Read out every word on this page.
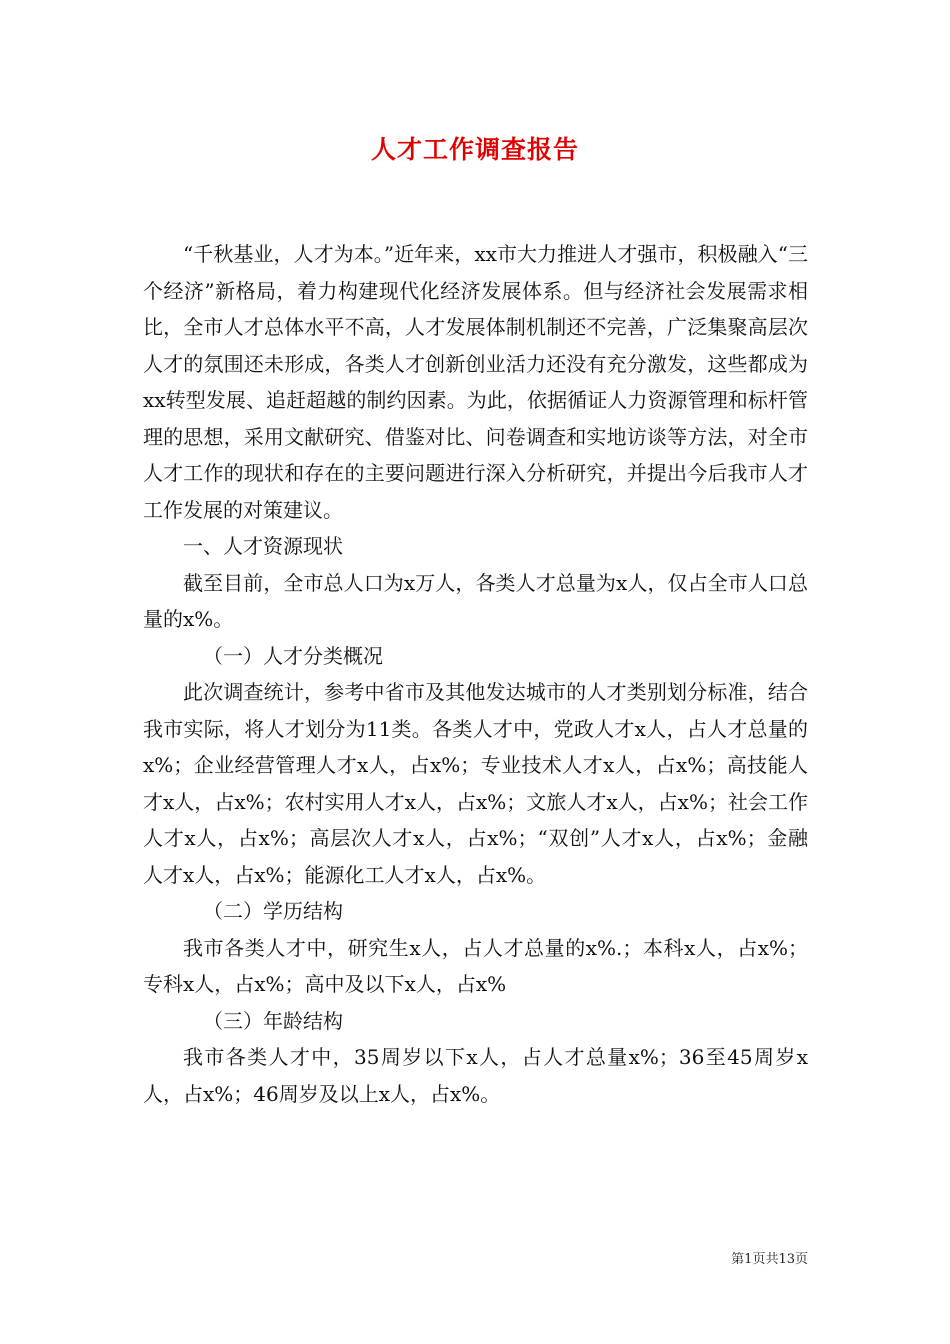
人才工作调查报告

“千秋基业，人才为本。”近年来，xx市大力推进人才强市，积极融入“三个经济”新格局，着力构建现代化经济发展体系。但与经济社会发展需求相比，全市人才总体水平不高，人才发展体制机制还不完善，广泛集聚高层次人才的氛围还未形成，各类人才创新创业活力还没有充分激发，这些都成为xx转型发展、追赶超越的制约因素。为此，依据循证人力资源管理和标杆管理的思想，采用文献研究、借鉴对比、问卷调查和实地访谈等方法，对全市人才工作的现状和存在的主要问题进行深入分析研究，并提出今后我市人才工作发展的对策建议。

一、人才资源现状

截至目前，全市总人口为x万人，各类人才总量为x人，仅占全市人口总量的x%。

（一）人才分类概况

此次调查统计，参考中省市及其他发达城市的人才类别划分标准，结合我市实际，将人才划分为11类。各类人才中，党政人才x人，占人才总量的x%；企业经营管理人才x人，占x%；专业技术人才x人，占x%；高技能人才x人，占x%；农村实用人才x人，占x%；文旅人才x人，占x%；社会工作人才x人，占x%；高层次人才x人，占x%；“双创”人才x人，占x%；金融人才x人，占x%；能源化工人才x人，占x%。

（二）学历结构

我市各类人才中，研究生x人，占人才总量的x%.；本科x人，占x%；专科x人，占x%；高中及以下x人，占x%

（三）年龄结构

我市各类人才中，35周岁以下x人，占人才总量x%；36至45周岁x人，占x%；46周岁及以上x人，占x%。

第1页共13页
